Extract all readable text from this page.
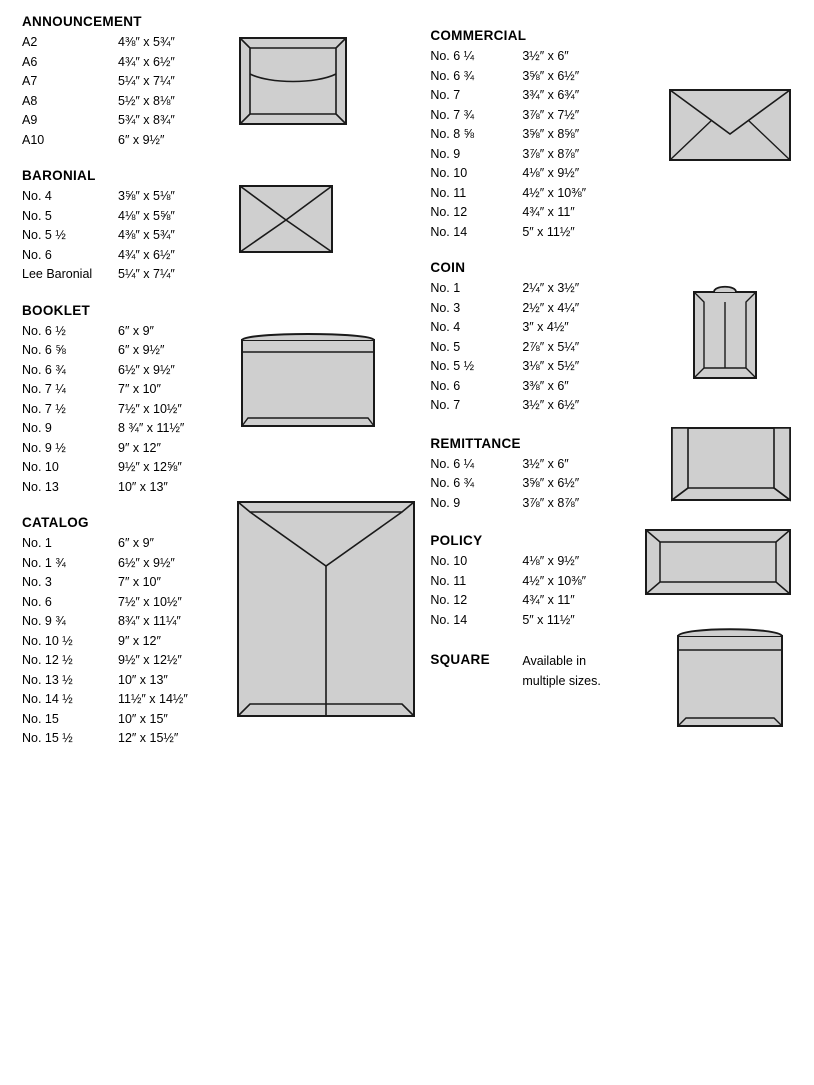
ANNOUNCEMENT
A2	4⅜″ x 5¾″
A6	4¾″ x 6½″
A7	5¼″ x 7¼″
A8	5½″ x 8⅛″
A9	5¾″ x 8¾″
A10	6″ x 9½″
BARONIAL
No. 4	3⅝″ x 5⅛″
No. 5	4⅛″ x 5⅝″
No. 5 ½	4⅜″ x 5¾″
No. 6	4¾″ x 6½″
Lee Baronial	5¼″ x 7¼″
BOOKLET
No. 6 ½	6″ x 9″
No. 6 ⅝	6″ x 9½″
No. 6 ¾	6½″ x 9½″
No. 7 ¼	7″ x 10″
No. 7 ½	7½″ x 10½″
No. 9	8 ¾″ x 11½″
No. 9 ½	9″ x 12″
No. 10	9½″ x 12⅝″
No. 13	10″ x 13″
CATALOG
No. 1	6″ x 9″
No. 1 ¾	6½″ x 9½″
No. 3	7″ x 10″
No. 6	7½″ x 10½″
No. 9 ¾	8¾″ x 11¼″
No. 10 ½	9″ x 12″
No. 12 ½	9½″ x 12½″
No. 13 ½	10″ x 13″
No. 14 ½	11½″ x 14½″
No. 15	10″ x 15″
No. 15 ½	12″ x 15½″
COMMERCIAL
No. 6 ¼	3½″ x 6″
No. 6 ¾	3⅝″ x 6½″
No. 7	3¾″ x 6¾″
No. 7 ¾	3⅞″ x 7½″
No. 8 ⅝	3⅝″ x 8⅝″
No. 9	3⅞″ x 8⅞″
No. 10	4⅛″ x 9½″
No. 11	4½″ x 10⅜″
No. 12	4¾″ x 11″
No. 14	5″ x 11½″
COIN
No. 1	2¼″ x 3½″
No. 3	2½″ x 4¼″
No. 4	3″ x 4½″
No. 5	2⅞″ x 5¼″
No. 5 ½	3⅛″ x 5½″
No. 6	3⅜″ x 6″
No. 7	3½″ x 6½″
REMITTANCE
No. 6 ¼	3½″ x 6″
No. 6 ¾	3⅝″ x 6½″
No. 9	3⅞″ x 8⅞″
POLICY
No. 10	4⅛″ x 9½″
No. 11	4½″ x 10⅜″
No. 12	4¾″ x 11″
No. 14	5″ x 11½″
SQUARE	Available in
multiple sizes.
